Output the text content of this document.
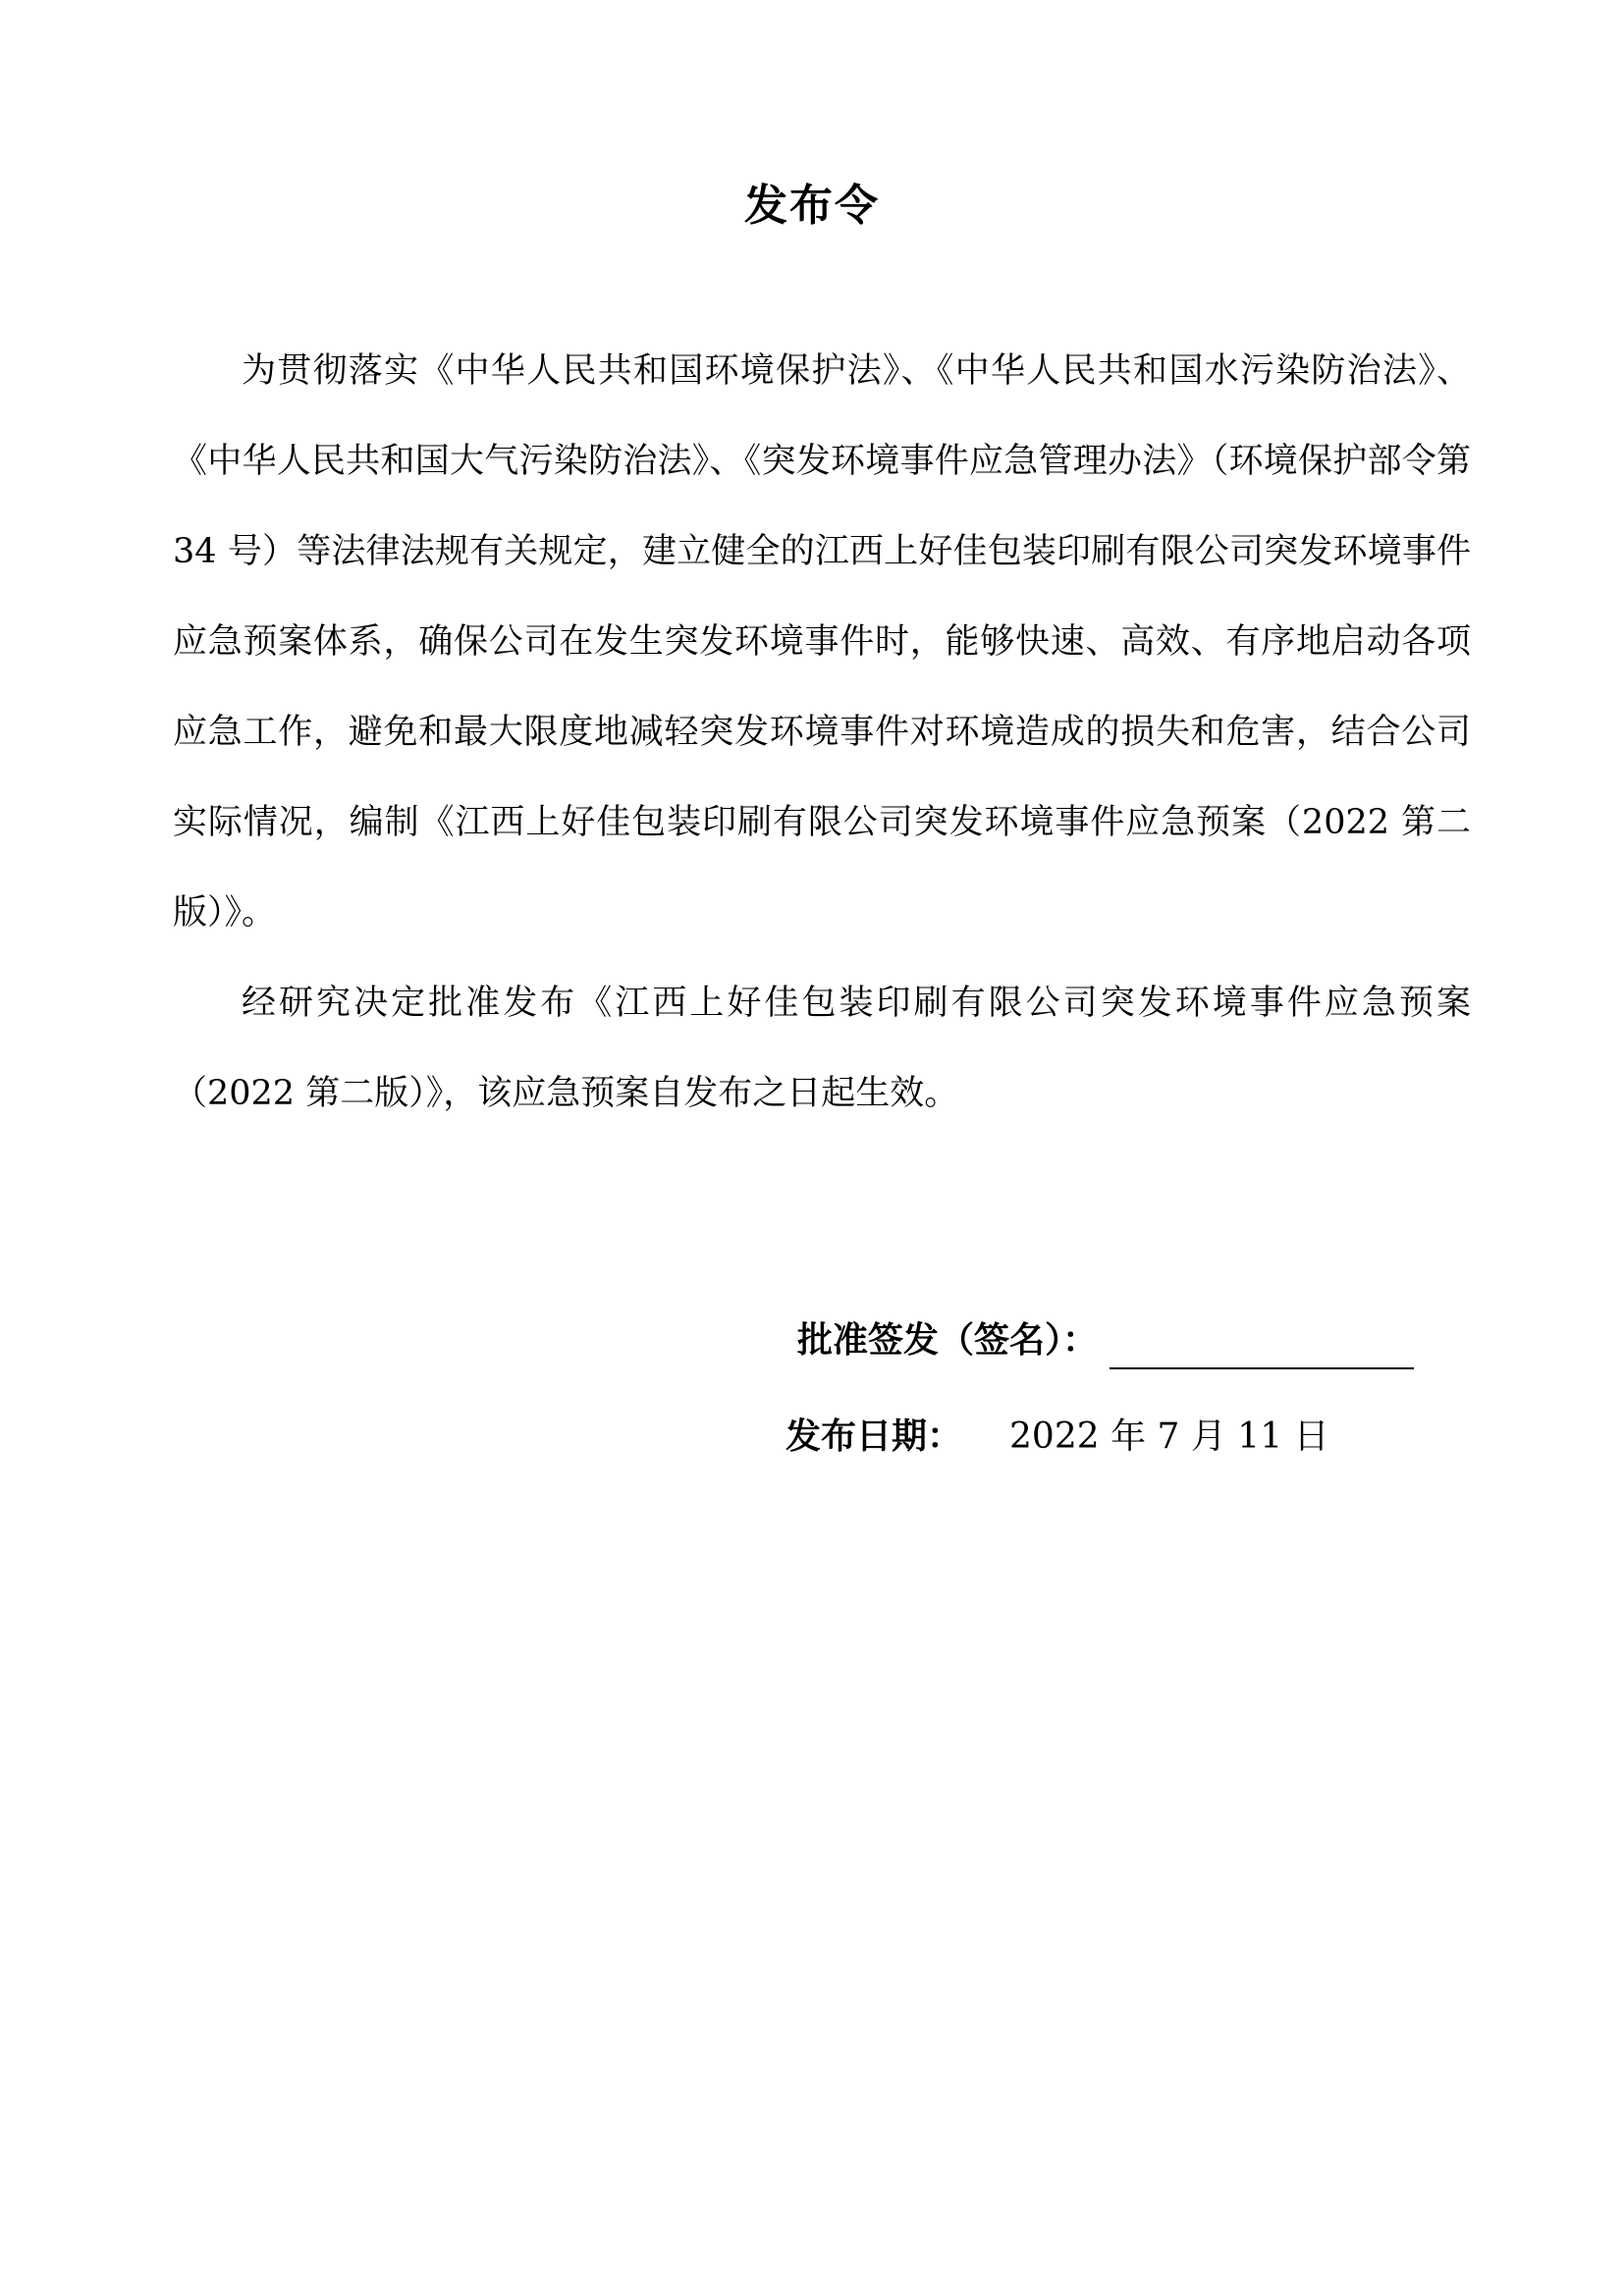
发布令

为贯彻落实《中华人民共和国环境保护法》、《中华人民共和国水污染防治法》、《中华人民共和国大气污染防治法》、《突发环境事件应急管理办法》（环境保护部令第 34 号）等法律法规有关规定，建立健全的江西上好佳包装印刷有限公司突发环境事件应急预案体系，确保公司在发生突发环境事件时，能够快速、高效、有序地启动各项应急工作，避免和最大限度地减轻突发环境事件对环境造成的损失和危害，结合公司实际情况，编制《江西上好佳包装印刷有限公司突发环境事件应急预案（2022 第二版）》。

经研究决定批准发布《江西上好佳包装印刷有限公司突发环境事件应急预案（2022 第二版）》，该应急预案自发布之日起生效。

批准签发（签名）：
发布日期： 2022 年 7 月 11 日
